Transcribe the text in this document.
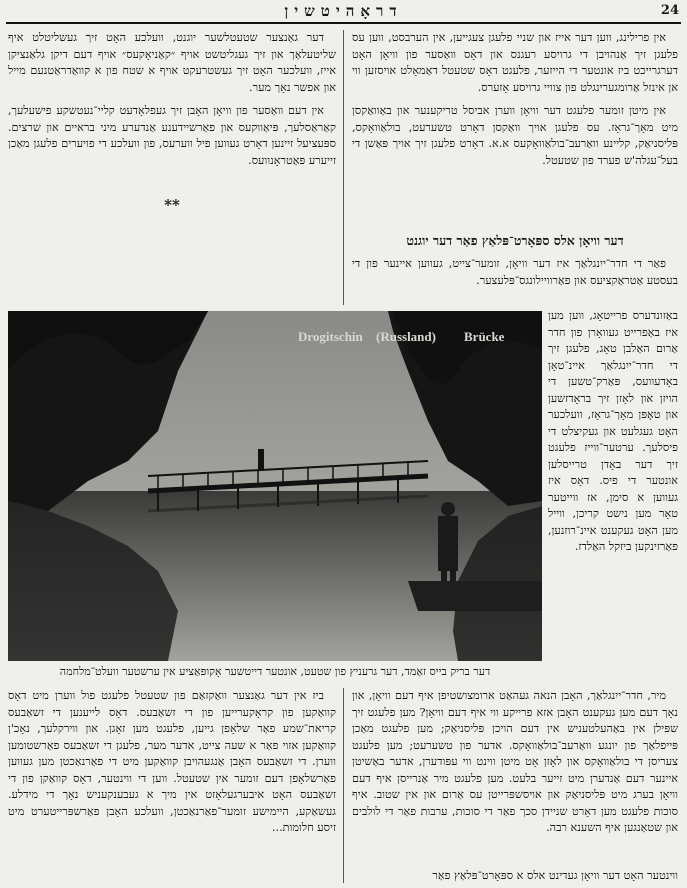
דראָהיטשין	24

אין פרילינג, ווען דער אייז און שניי פלעגן צעגייען, אין הערבסט, ווען עס פלעגן זיך אַנהויבן די גרויסע רעגנס און דאָס וואַסער פון וויאָן האָט דערגרייכט ביז אונטער די הייזער, פלעגט דאָס שטעטל דאַמאָלט אויסזען ווי אן אינזל אַרומגערינגלט פון צוויי גרויסע אָזערס.

אין מיטן זומער פלעגט דער וויאָן ווערן אביסל טריקענער און באַוואַקסן מיט מאָך־גראָז. עס פלעגן אויך וואַקסן דאָרט טשערעט, בולאַוואָקס, פּליסניאַק, קליינע וואַרעב־בולאַוואָקעס א.א. דאָרט פלעגן זיך אויך פּאַשן די בעל־עגלה'ש פערד פון שטעטל.

דער גאַנצער שטעטלשער יוגנט, וועלכע האָט זיך געשליטלט איף שליטעלאַך און זיך געגליטשט אויף ״קאַניאָקעס״ אויף דעם דיקן גלאַנציקן אייז, וועלכער האָט זיך געשטרעקט אויף א שטח פון א קוואַדראַטנעם מייל און אפשר נאָך מער.

אין דעם וואַסער פון וויאָן האָבן זיך געפלאָדעט קליי־נעטשקע פישעלעך, קאַראַסלעך, פּיאַווקעס און פאַרשיידענע אַנדערע מיני בראיים און שרצים. ספּעציעל זיינען דאָרט געווען פיל ווערעס, פון וועלכע די פויערים פלעגן מאַכן זייערע פּאַטראָנוועס.

**
דער וויאָן אלס ספּאָרט־פּלאַץ פאַר דער יוגנט

פאַר די חדר־ייִנגלאַך איז דער וויאָן, זומער־צייט, געווען איינער פון די בעסטע אַטראַקציעס און פאַרוויילונגס־פּלעצער.

באַזונדערס פרייטאָג, ווען מען איז באַפרייט געוואָרן פון חדר אַרום האַלבן טאָג, פלעגן זיך די חדר־ייִנגלאַך איינ־טאָן באָדעוועס, פּאַרק־טשען די הויזן און לאָזן זיך בראָדזשען און טאָפּן מאָך־גראָז, וועלכער האָט געגלעט און געקיצלט די פיסלעך. ערטער־ווייז פלעגט זיך דער באָדן טרייסלען אונטער די פיס. דאָס איז געווען א סימן, אז ווייטער טאָר מען נישט קריכן, ווייל מען האָט געקענט איינ־רוזנען, פאַרזינקען ביזקל האַלדז.

Drogitschin (Russland) Brücke
דער בריק בייס זאַמד, דער גרעניץ פון שטעט, אונטער דייטשער אָקופּאַציע אין ערשטער וועלט־מלחמה

מיר, חדר־ייִנגלאַך, האָבן הנאה געהאַט ארומצושטיפן איף דעם וויאָן, און נאָך דעם מען געקענט האָבן אזא פרייקע ווי איף דעם וויאָן? מען פלעגט זיך שפּילן אין באַהעלטעניש אין דעם הויכן פּליסניאַק; מען פלעגט מאַכן פּייפלאַך פון יונגע וואַרעב־בולאַוואָקס. אדער פון טשערעט; מען פלעגט צעריסן די בולאַוואָקס און לאָזן אָט מיטן ווינט ווי עפּודערן, אדער באַשיטן איינער דעם אַנדערן מיט זייער בלעט. מען פלעגט מיר אַנרייסן איף דעם וויאָן בערג מיט פּליסניאַק און אויסשפּרייטן עס אַרום און אין שטוב. איף סוכות פלעגט מען דאָרט שניידן סכך פאַר די סוכות, ערבות פאַר די לולבים און שטאַנגען איף השענא רבה.

ביז אין דער גאַנצער וואַקזאַם פון שטעטל פלעגט פול ווערן מיט דאָס קוואַקען פון קראָקערייען פון די זשאַבעס. דאָס לייענען די זשאַבעס קריאת־שמע פאַר שלאָפן גייען, פלעגט מען זאָגן. און ווירקלעך, נאָכ'ן קוואַקען אזוי פאַר א שעה צייט, אדער מער, פלעגן די זשאַבעס פאַרשטומען ווערן. די זשאַבעס האָבן אַנגעהויבן קוואַקען מיט די פאַרנאַכטן מען געווען פאַרשלאָפן דעם זומער אין שטעטל. ווען די ווינטער, דאָס קוואַקן פון די זשאַבעס האָט איבערגעלאָזט אין מיך א געבענקעניש נאָך די מידלע. געשאַקע, היימישע זומער־פאַרנאַכטן, וועלכע האָבן פאַרשפּרייטערט מיט זיסע חלומות...

ווינטער האָט דער וויאָן געדינט אלס א ספּאָרט־פּלאַץ פאַר
